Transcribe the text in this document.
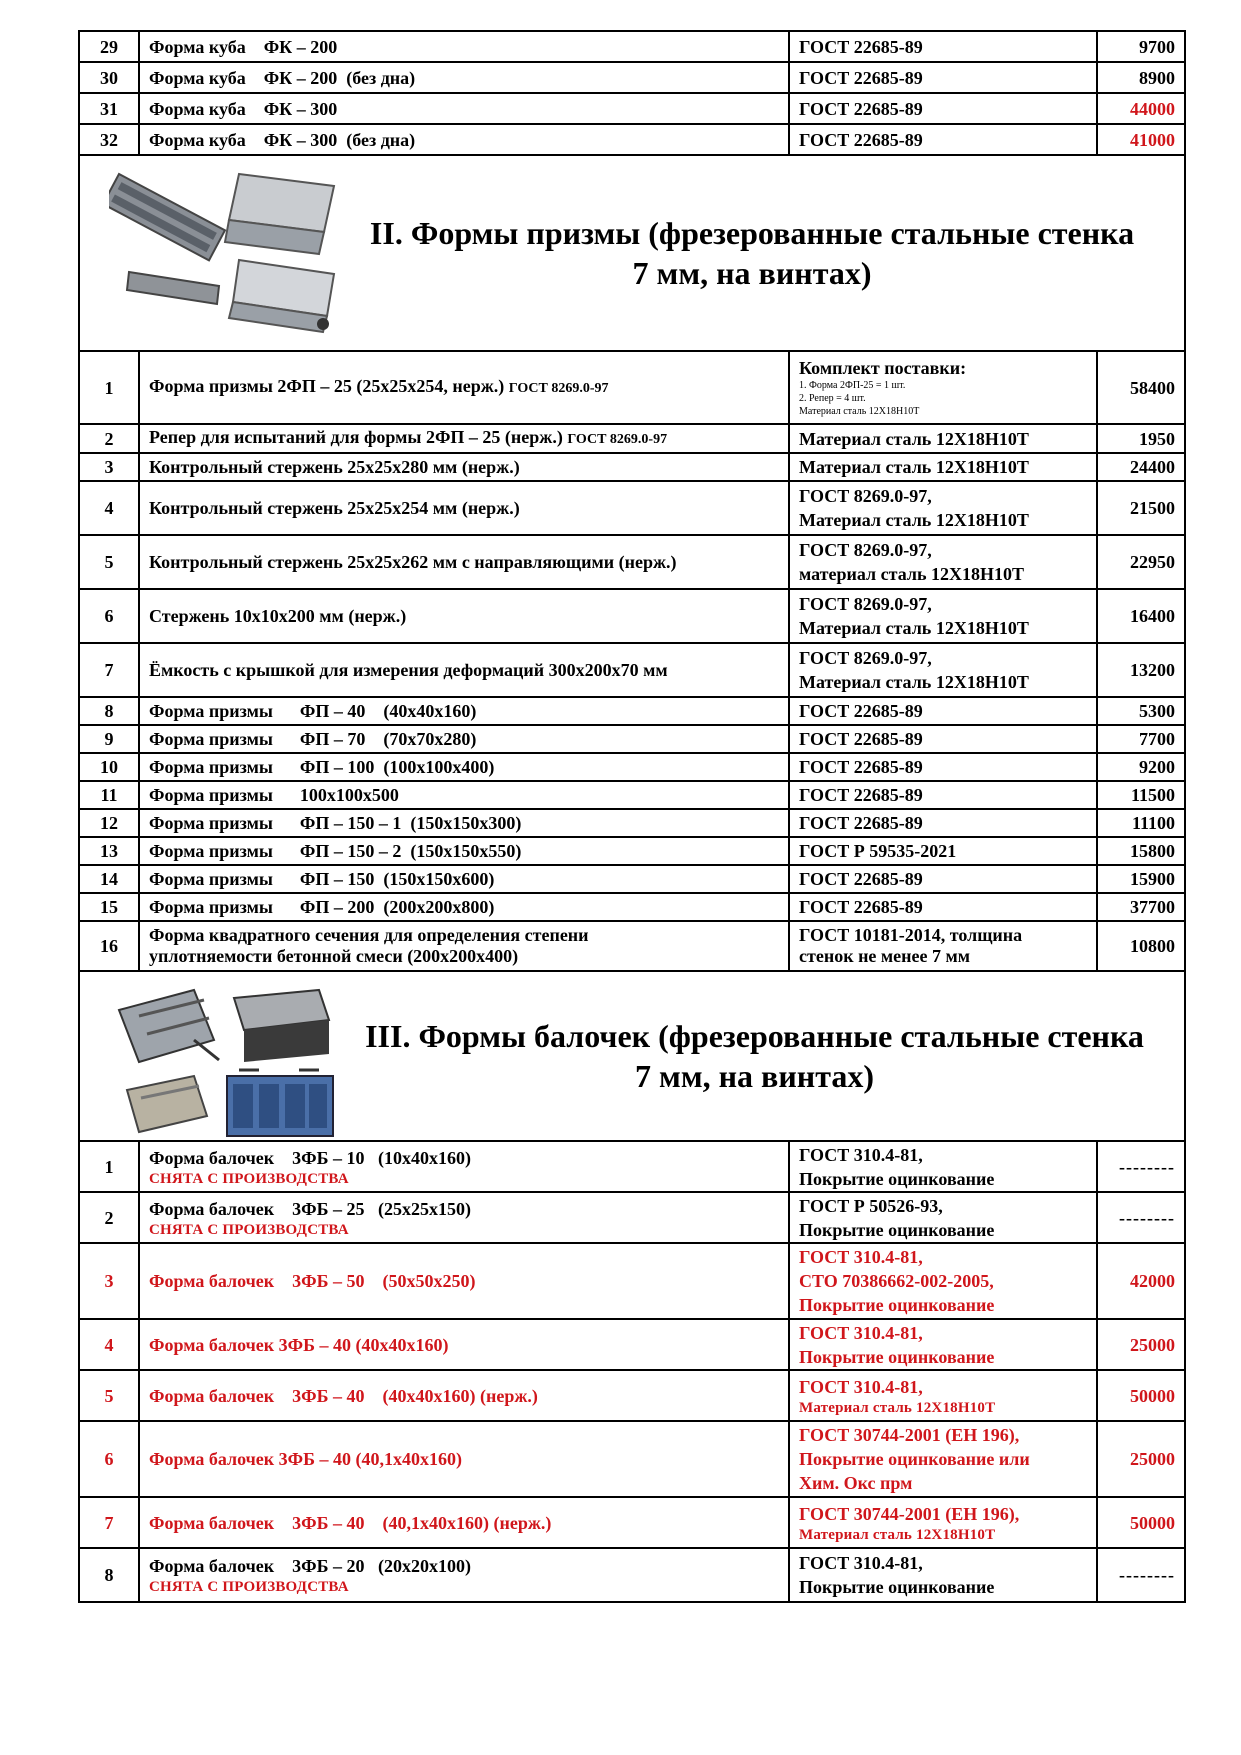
29	Форма куба    ФК – 200	ГОСТ 22685-89	9700
30	Форма куба    ФК – 200  (без дна)	ГОСТ 22685-89	8900
31	Форма куба    ФК – 300	ГОСТ 22685-89	44000
32	Форма куба    ФК – 300  (без дна)	ГОСТ 22685-89	41000

II. Формы призмы (фрезерованные стальные стенка
7 мм, на винтах)			

1	Форма призмы 2ФП – 25 (25х25х254, нерж.) ГОСТ 8269.0-97	Комплект поставки:
1. Форма 2ФП-25 = 1 шт.
2. Репер = 4 шт.
Материал сталь 12Х18Н10Т	58400
2	Репер для испытаний для формы 2ФП – 25 (нерж.) ГОСТ 8269.0-97	Материал сталь 12Х18Н10Т	1950
3	Контрольный стержень 25х25х280 мм (нерж.)	Материал сталь 12Х18Н10Т	24400
4	Контрольный стержень 25х25х254 мм (нерж.)	ГОСТ 8269.0-97,
Материал сталь 12Х18Н10Т	21500
5	Контрольный стержень 25х25х262 мм с направляющими (нерж.)	ГОСТ 8269.0-97,
материал сталь 12Х18Н10Т	22950
6	Стержень 10х10х200 мм (нерж.)	ГОСТ 8269.0-97,
Материал сталь 12Х18Н10Т	16400
7	Ёмкость с крышкой для измерения деформаций 300х200х70 мм	ГОСТ 8269.0-97,
Материал сталь 12Х18Н10Т	13200
8	Форма призмы      ФП – 40    (40х40х160)	ГОСТ 22685-89	5300
9	Форма призмы      ФП – 70    (70х70х280)	ГОСТ 22685-89	7700
10	Форма призмы      ФП – 100  (100х100х400)	ГОСТ 22685-89	9200
11	Форма призмы      100х100х500	ГОСТ 22685-89	11500
12	Форма призмы      ФП – 150 – 1  (150х150х300)	ГОСТ 22685-89	11100
13	Форма призмы      ФП – 150 – 2  (150х150х550)	ГОСТ Р 59535-2021	15800
14	Форма призмы      ФП – 150  (150х150х600)	ГОСТ 22685-89	15900
15	Форма призмы      ФП – 200  (200х200х800)	ГОСТ 22685-89	37700
16	Форма квадратного сечения для определения степени
уплотняемости бетонной смеси (200х200х400)	ГОСТ 10181-2014, толщина
стенок не менее 7 мм	10800

III. Формы балочек (фрезерованные стальные стенка
7 мм, на винтах)			

1	Форма балочек    3ФБ – 10   (10х40х160)
СНЯТА С ПРОИЗВОДСТВА	ГОСТ 310.4-81,
Покрытие оцинкование	--------
2	Форма балочек    3ФБ – 25   (25х25х150)
СНЯТА С ПРОИЗВОДСТВА	ГОСТ Р 50526-93,
Покрытие оцинкование	--------
3	Форма балочек    3ФБ – 50    (50х50х250)	ГОСТ 310.4-81,
СТО 70386662-002-2005,
Покрытие оцинкование	42000
4	Форма балочек 3ФБ – 40 (40х40х160)	ГОСТ 310.4-81,
Покрытие оцинкование	25000
5	Форма балочек    3ФБ – 40    (40х40х160) (нерж.)	ГОСТ 310.4-81,
Материал сталь 12Х18Н10Т	50000
6	Форма балочек 3ФБ – 40 (40,1х40х160)	ГОСТ 30744-2001 (ЕН 196),
Покрытие оцинкование или
Хим. Окс прм	25000
7	Форма балочек    3ФБ – 40    (40,1х40х160) (нерж.)	ГОСТ 30744-2001 (ЕН 196),
Материал сталь 12Х18Н10Т	50000
8	Форма балочек    3ФБ – 20   (20х20х100)
СНЯТА С ПРОИЗВОДСТВА	ГОСТ 310.4-81,
Покрытие оцинкование	--------
